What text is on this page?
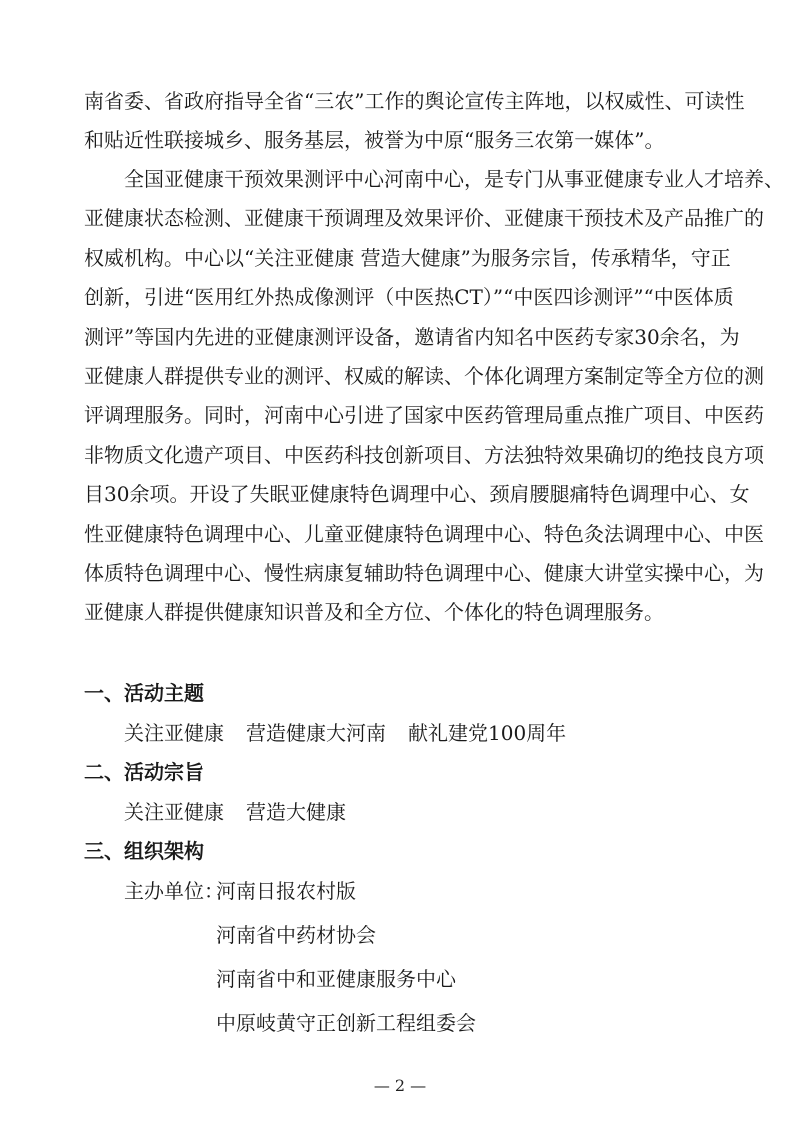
南省委、省政府指导全省“三农”工作的舆论宣传主阵地，以权威性、可读性
和贴近性联接城乡、服务基层，被誉为中原“服务三农第一媒体”。
　　全国亚健康干预效果测评中心河南中心，是专门从事亚健康专业人才培养、
亚健康状态检测、亚健康干预调理及效果评价、亚健康干预技术及产品推广的
权威机构。中心以“关注亚健康 营造大健康”为服务宗旨，传承精华，守正
创新，引进“医用红外热成像测评（中医热CT）”“中医四诊测评”“中医体质
测评”等国内先进的亚健康测评设备，邀请省内知名中医药专家30余名，为
亚健康人群提供专业的测评、权威的解读、个体化调理方案制定等全方位的测
评调理服务。同时，河南中心引进了国家中医药管理局重点推广项目、中医药
非物质文化遗产项目、中医药科技创新项目、方法独特效果确切的绝技良方项
目30余项。开设了失眠亚健康特色调理中心、颈肩腰腿痛特色调理中心、女
性亚健康特色调理中心、儿童亚健康特色调理中心、特色灸法调理中心、中医
体质特色调理中心、慢性病康复辅助特色调理中心、健康大讲堂实操中心，为
亚健康人群提供健康知识普及和全方位、个体化的特色调理服务。
一、活动主题
关注亚健康 营造健康大河南 献礼建党100周年
二、活动宗旨
关注亚健康 营造大健康
三、组织架构
主办单位：
河南日报农村版
河南省中药材协会
河南省中和亚健康服务中心
中原岐黄守正创新工程组委会
— 2 —
